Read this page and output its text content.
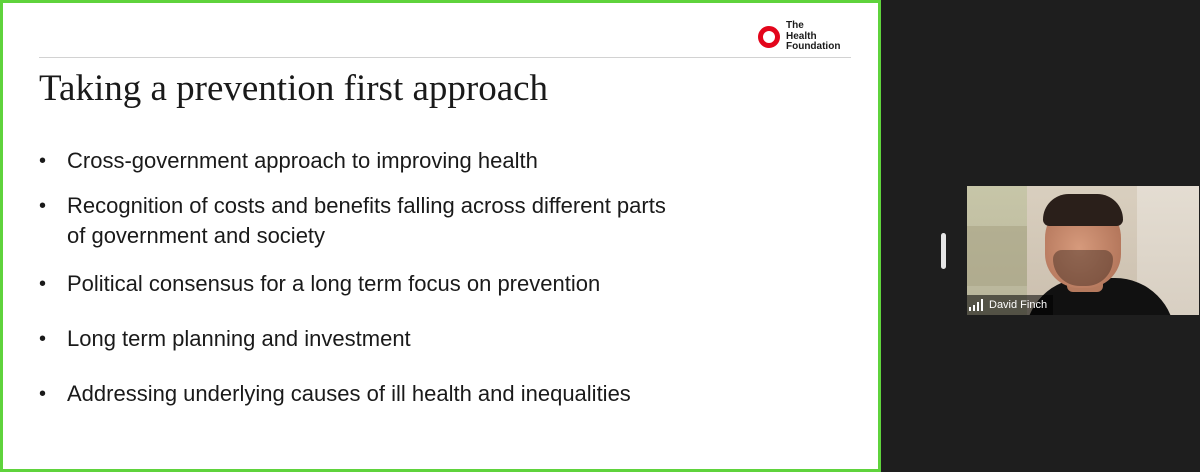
The
Health
Foundation
Taking a prevention first approach
• Cross-government approach to improving health
• Recognition of costs and benefits falling across different parts of government and society
• Political consensus for a long term focus on prevention
• Long term planning and investment
• Addressing underlying causes of ill health and inequalities
David Finch
